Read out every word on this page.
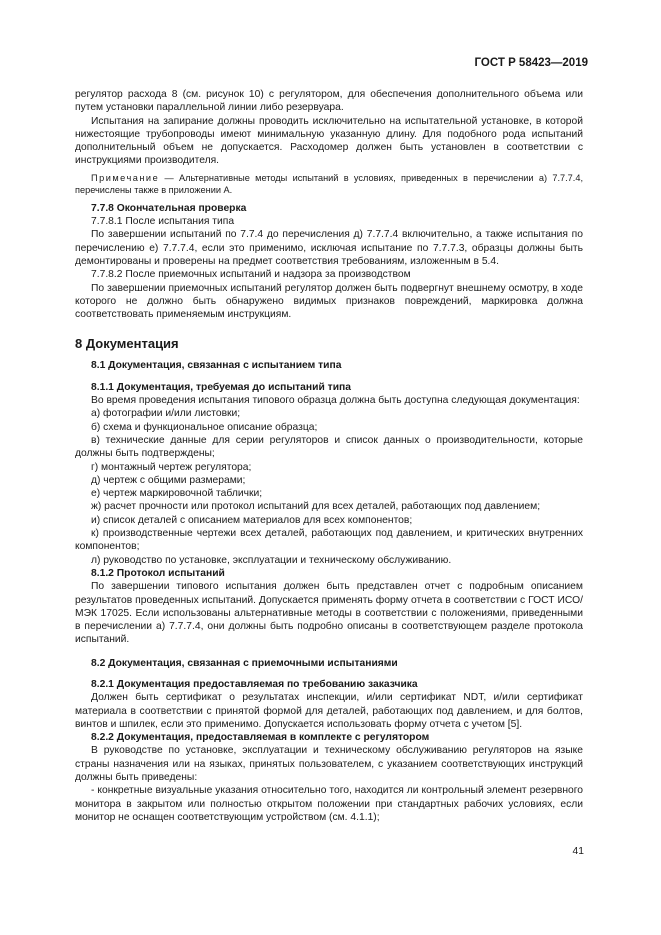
ГОСТ Р 58423—2019

регулятор расхода 8 (см. рисунок 10) с регулятором, для обеспечения дополнительного объема или путем установки параллельной линии либо резервуара.

Испытания на запирание должны проводить исключительно на испытательной установке, в которой нижестоящие трубопроводы имеют минимальную указанную длину. Для подобного рода испытаний дополнительный объем не допускается. Расходомер должен быть установлен в соответствии с инструкциями производителя.

Примечание — Альтернативные методы испытаний в условиях, приведенных в перечислении а) 7.7.7.4, перечислены также в приложении А.

7.7.8 Окончательная проверка

7.7.8.1 После испытания типа

По завершении испытаний по 7.7.4 до перечисления д) 7.7.7.4 включительно, а также испытания по перечислению е) 7.7.7.4, если это применимо, исключая испытание по 7.7.7.3, образцы должны быть демонтированы и проверены на предмет соответствия требованиям, изложенным в 5.4.

7.7.8.2 После приемочных испытаний и надзора за производством

По завершении приемочных испытаний регулятор должен быть подвергнут внешнему осмотру, в ходе которого не должно быть обнаружено видимых признаков повреждений, маркировка должна соответствовать применяемым инструкциям.

8 Документация
8.1 Документация, связанная с испытанием типа

8.1.1 Документация, требуемая до испытаний типа

Во время проведения испытания типового образца должна быть доступна следующая документация:

а) фотографии и/или листовки;

б) схема и функциональное описание образца;

в) технические данные для серии регуляторов и список данных о производительности, которые должны быть подтверждены;

г) монтажный чертеж регулятора;

д) чертеж с общими размерами;

е) чертеж маркировочной таблички;

ж) расчет прочности или протокол испытаний для всех деталей, работающих под давлением;

и) список деталей с описанием материалов для всех компонентов;

к) производственные чертежи всех деталей, работающих под давлением, и критических внутренних компонентов;

л) руководство по установке, эксплуатации и техническому обслуживанию.

8.1.2 Протокол испытаний

По завершении типового испытания должен быть представлен отчет с подробным описанием результатов проведенных испытаний. Допускается применять форму отчета в соответствии с ГОСТ ИСО/МЭК 17025. Если использованы альтернативные методы в соответствии с положениями, приведенными в перечислении а) 7.7.7.4, они должны быть подробно описаны в соответствующем разделе протокола испытаний.

8.2 Документация, связанная с приемочными испытаниями

8.2.1 Документация предоставляемая по требованию заказчика

Должен быть сертификат о результатах инспекции, и/или сертификат NDT, и/или сертификат материала в соответствии с принятой формой для деталей, работающих под давлением, и для болтов, винтов и шпилек, если это применимо. Допускается использовать форму отчета с учетом [5].

8.2.2 Документация, предоставляемая в комплекте с регулятором

В руководстве по установке, эксплуатации и техническому обслуживанию регуляторов на языке страны назначения или на языках, принятых пользователем, с указанием соответствующих инструкций должны быть приведены:

- конкретные визуальные указания относительно того, находится ли контрольный элемент резервного монитора в закрытом или полностью открытом положении при стандартных рабочих условиях, если монитор не оснащен соответствующим устройством (см. 4.1.1);

41
